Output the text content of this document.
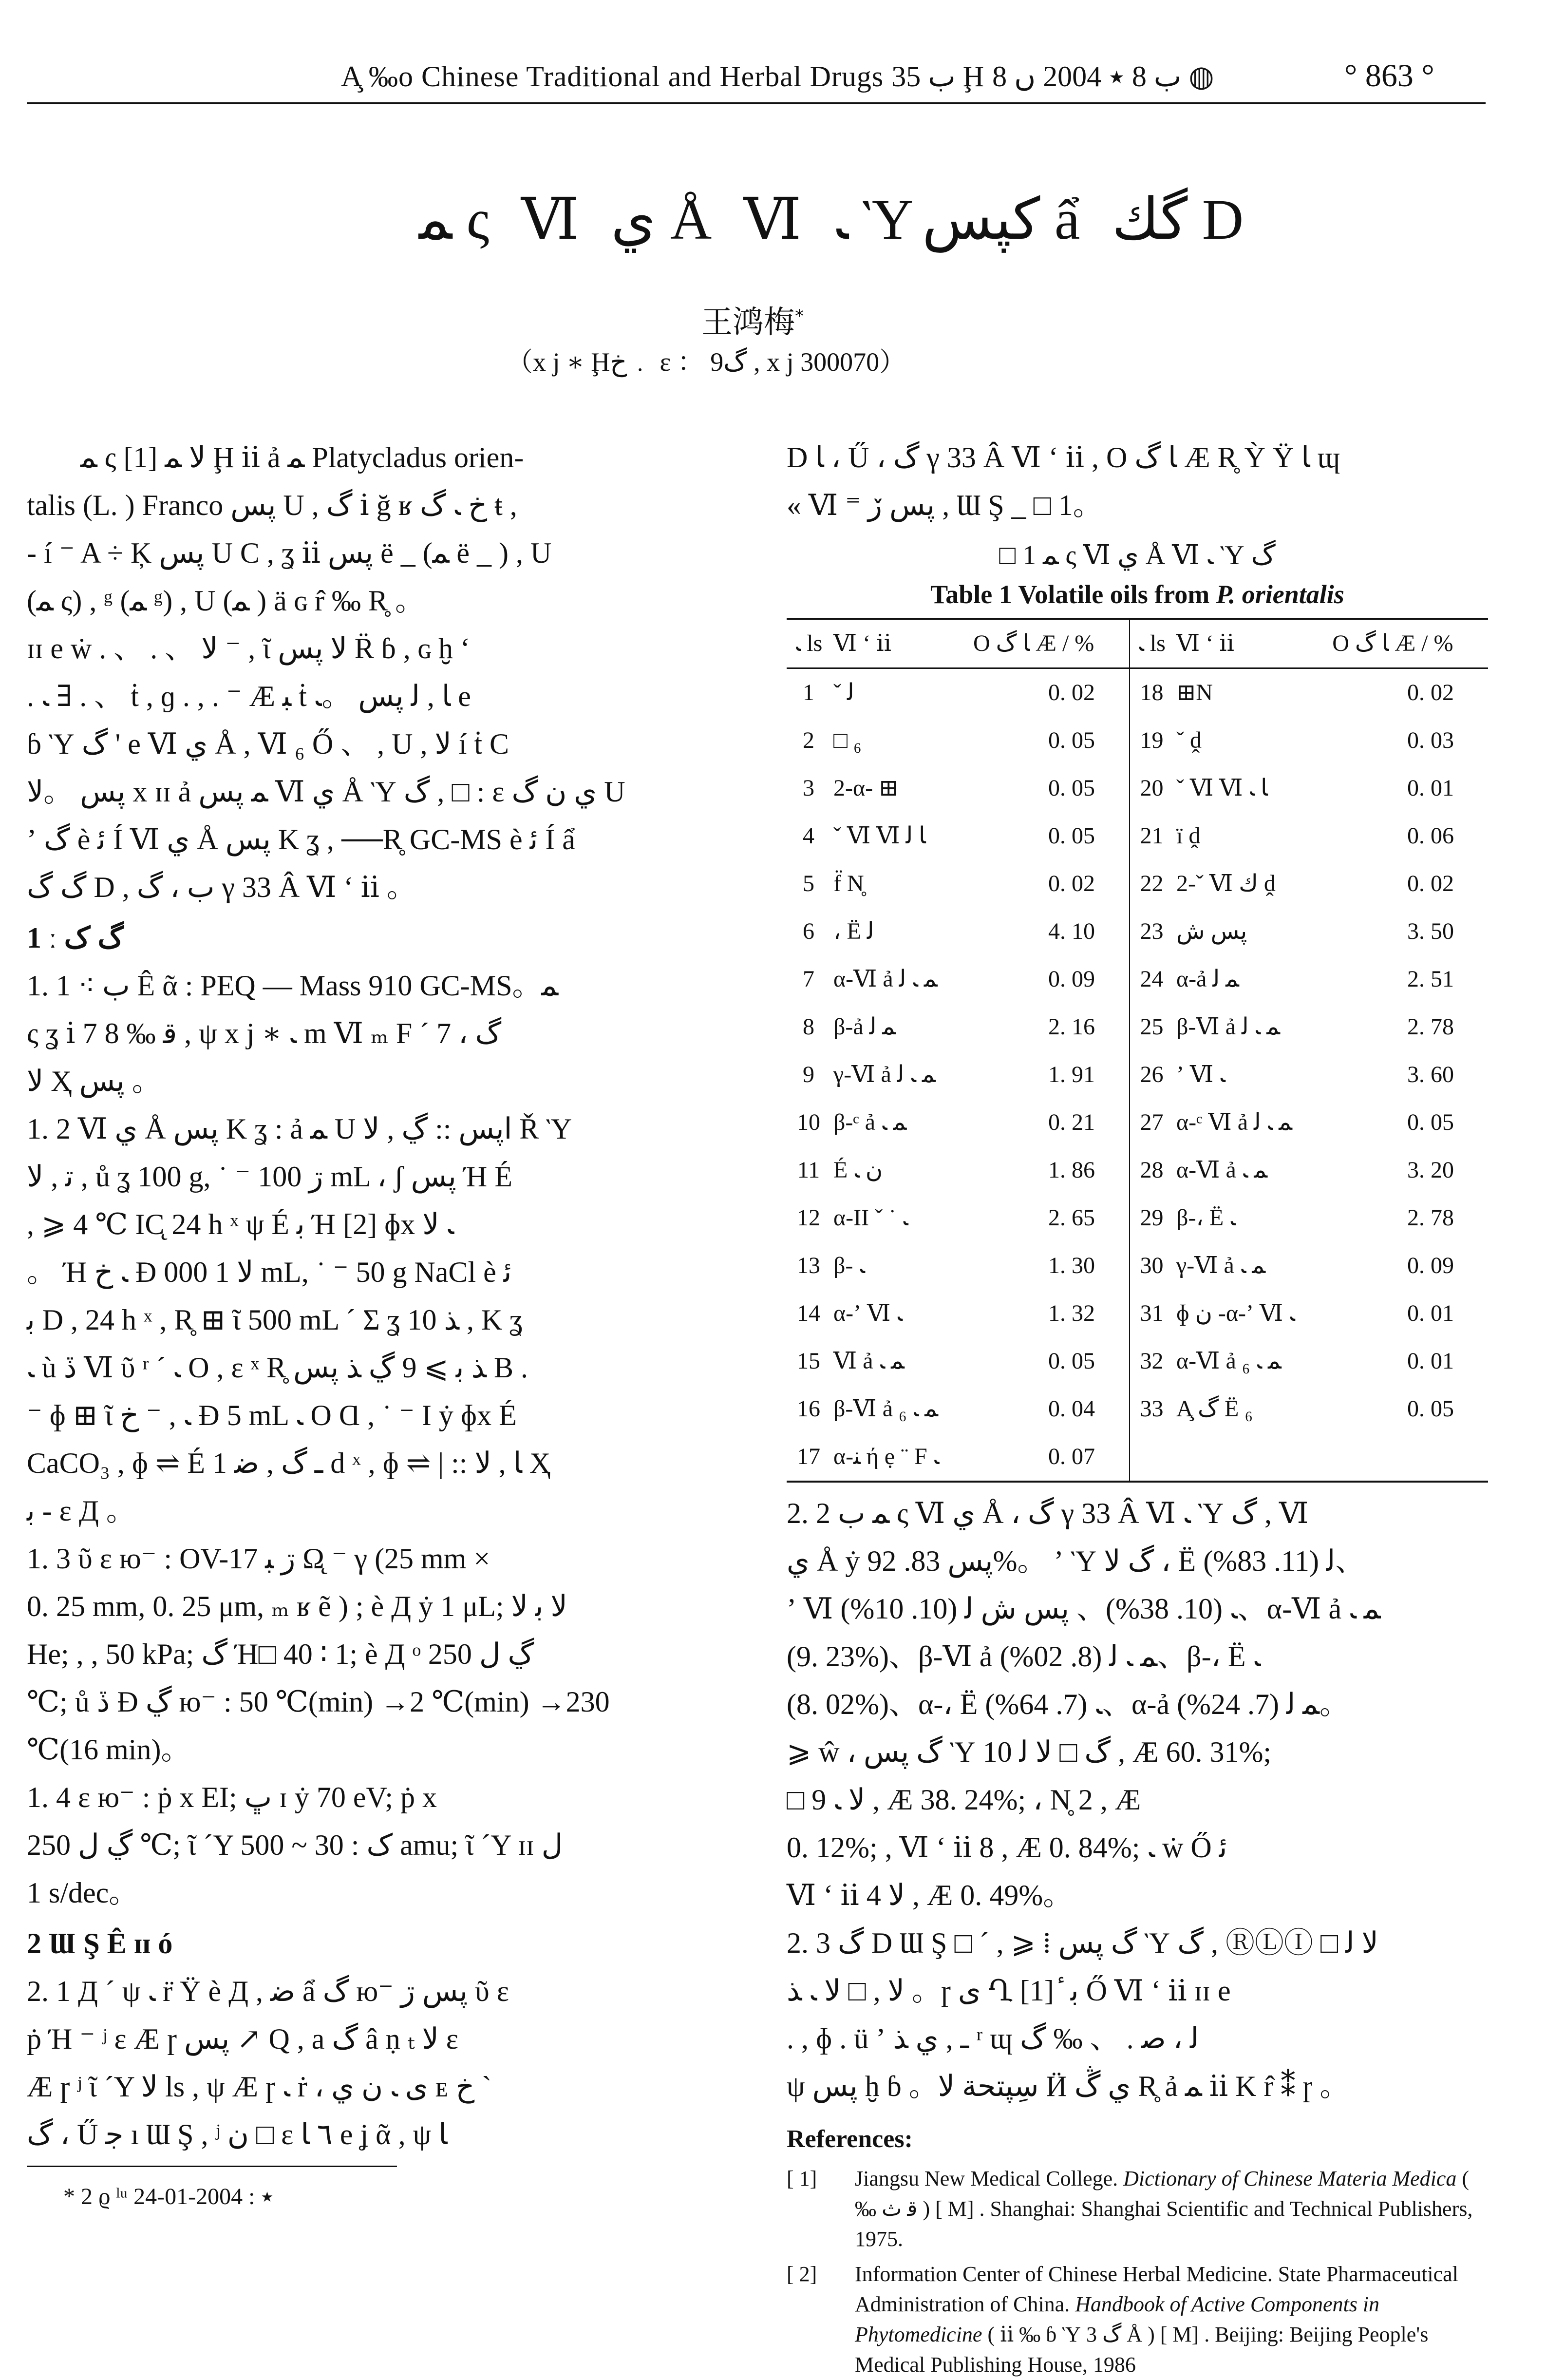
A̧ ‰o Chinese Traditional and Herbal Drugs ب 35 Ḩ ب 8 ٭ 2004 ں 8 ◍	° 863 °
ﻤ ς Ⅵ ي Å Ⅵ ﹳ Ὺكپس ẩ گك D
王鸿梅*
（x j ∗ Ḩخ﹒ ɛ ： گ9 , x j 300070）
ﻤ ς [1] ﻻ ﻤ Ḩ ⅱ ả ﻤ Platycladus orien-
talis (L. ) Franco پس U , گ ⅰ ğ ʁ خ ﹳ گ ŧ ,
- í ⁻ A ÷ Ķ پس U C , ʓ ⅱ پس ë _ (ﻤ ë _ ) , U
(ﻤ ς) , ᵍ (ﻤ ᵍ) , U (ﻤ ) ä ɢ r̂ ‰ R̥ 。
ɪɪ e ẇ . 、 . 、 ﻻ ⁻ , ῖ ﻻ پس R̈ ɓ , ɢ ḫ ʻ
. ﹳ ∃ . 、 ṫ , ɡ . , . ⁻ Æ ﺒ ṫ ﺎ , ﻟ پس 。ﹳ e
ɓ Ὺ گ ' e Ⅵ ي Å , Ⅵ ₆ Ő 、 , U , ﻻ í ṫ C
پس 。ﻻ x ɪɪ ả ﻤ پس Ⅵ ي Å Ὺ گ , □ : ɛ ي ن گ U
ʼ گ è ﺋ Í Ⅵ ي Å پس K ʓ , ──R̥ GC-MS è ﺋ Í ẩ
گ گ D , ب ، گ γ 33 Â Ⅵ ʻ ⅱ 。
1 ː گ ک
1. 1 ⁖ ب Ê ᾶ : PEQ — Mass 910 GC-MS。ﻤ
ς ʓ ⅰ 7 8 ‰ ﻗ , ψ x j ∗ ﹳ m Ⅵ ₘ F ´ 7 ، گ
ﻻ Ҳ پس 。
1. 2 Ⅵ ي Å پس K ʓ : ả ﻤ U ﺍپس :: ڲ , ﻻ Ř Ὺ
ﺗ , ﻻ , ů ʓ 100 g, ˙ ⁻ ڗ 100 mL ، ʃ پس Ή É
, ⩾ 4 ℃ IC̨ 24 h ˣ ψ É ﺑ Ή [2] ɸx ﹳ ﻻ
。 Ή ﹳ خ Ð ﻻ 1 000 mL, ˙ ⁻ 50 g NaCl è ﺋ
ﺑ D , 24 h ˣ , R̥ ⊞ ῖ 500 mL ´ Σ ʓ 10 ﺬ , K ʓ
ﹳ ù ڏ Ⅵ ῦ ʳ ´ ﹳ O , ɛ ˣ R̥ ﺬ ﺑ ⩾ 9 ڲ ﺬ پس B .
⁻ ɸ ⊞ ῖ ﹳ , ⁻ خ Ð 5 mL ﹳ O Ɑ , ˙ ⁻ I ẏ ɸx É
CaCO₃ , ɸ ⇌ É ـ گ , ﺿ 1 d ˣ , ɸ ⇌ | :: ﺎ , ﻻ Ҳ
ﺑ - ɛ Д 。
1. 3 ῦ ɛ ю⁻ : OV-17 ڗ ﺒ Ω̨ ⁻ γ (25 mm ×
0. 25 mm, 0. 25 μm, ₘ ʁ ẽ ) ; è Д ẏ 1 μL; ﻻ ﺑ ﻻ
He; , , 50 kPa; گ Ή□ 40 ∶ 1; è Д ᵒ ڲ ﻝ 250
℃; ů ڏ Ð ڲ ю⁻ : 50 ℃(min) →2 ℃(min) →230
℃(16 min)。
1. 4 ɛ ю⁻ : ṗ x EI; ڀ ɪ ẏ 70 eV; ṗ x
ڲ ﻝ 250 ℃; ῖ ´Y ک : 30 ~ 500 amu; ῖ ´Y ɪɪ ﻝ
1 s/dec。
2 Ɯ Ş Ê ɪɪ ó
2. 1 Д ´ ψ ﹳ r̈ Ÿ è Д , ﺿ ẩ گ ю⁻ پس ڗ ῦ ɛ
ṗ Ή ⁻ ʲ ɛ Æ ɼ پس ↗ Q , a گ â ṇ ₜ ﻻ ɛ
Æ ɼ ʲ ῖ ´Y ﻻ ls , ψ Æ ɼ ﹳ ṙ ، ى ﹳ ن ي ᴇ خ ˋ
گ ، Ű ﺟ ı Ɯ Ş , ʲ ن □ ɛ ٦ ﺎ e ʝ ᾶ , ψ ﺎ
D ﺎ ، Ű ، گ γ 33 Â Ⅵ ʻ ⅱ , O ﺎ گ Æ R̥ Ỳ Ÿ ﺎ ɰ
« Ⅵ ⁼ پس ڒ , Ɯ Ş _ □ 1。
□ 1 ﻤ ς Ⅵ ي Å Ⅵ ﹳ Ὺ گ
Table 1 Volatile oils from P. orientalis
ﹳ ls	Ⅵ ʻ ⅱ	O ﺎ گ Æ / %	ﹳ ls	Ⅵ ʻ ⅱ	O ﺎ گ Æ / %
1	ˇ ﻟ	0. 02	18	⊞N	0. 02
2	□ ₆	0. 05	19	ˇ ḓ	0. 03
3	2-α- ⊞	0. 05	20	ˇ Ⅵ Ⅵ ﺎ ﹳ	0. 01
4	ˇ Ⅵ Ⅵ ﺎ ﻟ	0. 05	21	ï ḓ	0. 06
5	f̈ N̥	0. 02	22	2-ˇ Ⅵ ﻙ ḓ	0. 02
6	، Ë ﻟ	4. 10	23	پس ﺵ	3. 50
7	α-Ⅵ ả ﻤ ﹳ ﻟ	0. 09	24	α-ả ﻤ ﻟ	2. 51
8	β-ả ﻤ ﻟ	2. 16	25	β-Ⅵ ả ﻤ ﹳ ﻟ	2. 78
9	γ-Ⅵ ả ﻤ ﹳ ﻟ	1. 91	26	ʼ Ⅵ ﹳ	3. 60
10	β-ᶜ ả ﻤ ﹳ	0. 21	27	α-ᶜ Ⅵ ả ﻤ ﹳ ﻟ	0. 05
11	É ن ﹳ	1. 86	28	α-Ⅵ ả ﻤ ﹳ	3. 20
12	α-II ˇ ˙ ﹳ	2. 65	29	β-، Ë ﹳ	2. 78
13	β- ﹳ	1. 30	30	γ-Ⅵ ả ﻤ ﹳ	0. 09
14	α-ʼ Ⅵ ﹳ	1. 32	31	ɸ ن -α-ʼ Ⅵ ﹳ	0. 01
15	Ⅵ ả ﻤ ﹳ	0. 05	32	α-Ⅵ ả ﻤ ﹳ ₆	0. 01
16	β-Ⅵ ả ﻤ ﹳ ₆	0. 04	33	A̧ گ Ë ₆	0. 05
17	α-ﻨ ή ẹ ¨ F ﹳ	0. 07			
2. 2 ﻤ ب ς Ⅵ ي Å ، گ γ 33 Â Ⅵ ﹳ Ὺ گ , Ⅵ
ي Å ẏ پس 83. 92%。 ʼ Ὺ گ ﻻ ، Ë ﻟ (11. 83%)、
ʼ Ⅵ ﹳ (10. 38%)、 پس ﺵ ﻟ (10. 10%)、α-Ⅵ ả ﻤ ﹳ
(9. 23%)、β-Ⅵ ả ﻤ ﹳ ﻟ (8. 02%)、β-، Ë ﹳ
(8. 02%)、α-، Ë ﹳ (7. 64%)、α-ả ﻤ ﻟ (7. 24%)。
⩾ ŵ ، گ پس Ὺ گ □ ﻻ ﻟ 10 , Æ 60. 31%;
□ ﻻ ﹳ 9 , Æ 38. 24%; ، N̥ 2 , Æ
0. 12%; , Ⅵ ʻ ⅱ 8 , Æ 0. 84%; ﹳ ẇ Ő ﺋ
Ⅵ ʻ ⅱ ﻻ 4 , Æ 0. 49%。
2. 3 گ D Ɯ Ş □ ´ , ⩾ ⁞ گ پس Ὺ گ , ⓇⓁⒾ □ ﻻ ﻟ
ﻻ , □ ﻻ ﹳ ﺬ 。ɼ ى Ղ [1] ٔ ﺑ Ő Ⅵ ʻ ⅱ ɪɪ e
. , ɸ . ü ʼ ـ , ي ﺬ ʳ ɰ ﻟ ، ﺻ . 、 ‰ گ
ψ پس ḫ ɓ 。ﺳِﭙﺘﺤﺔ ﻻ Ӥ ي ڴ R̥ ả ﻤ ⅱ K r̂ ⁑ ɼ 。
References:
[ 1] Jiangsu New Medical College. Dictionary of Chinese Materia Medica ( ‰ ﻗ ث ) [ M] . Shanghai: Shanghai Scientific and Technical Publishers, 1975.
[ 2] Information Center of Chinese Herbal Medicine. State Pharmaceutical Administration of China. Handbook of Active Components in Phytomedicine ( ⅱ ‰ ɓ Ὺ گ 3 Å ) [ M] . Beijing: Beijing People's Medical Publishing House, 1986
* 2 ϱ ˡᵘ ٭ : 2004-01-24
